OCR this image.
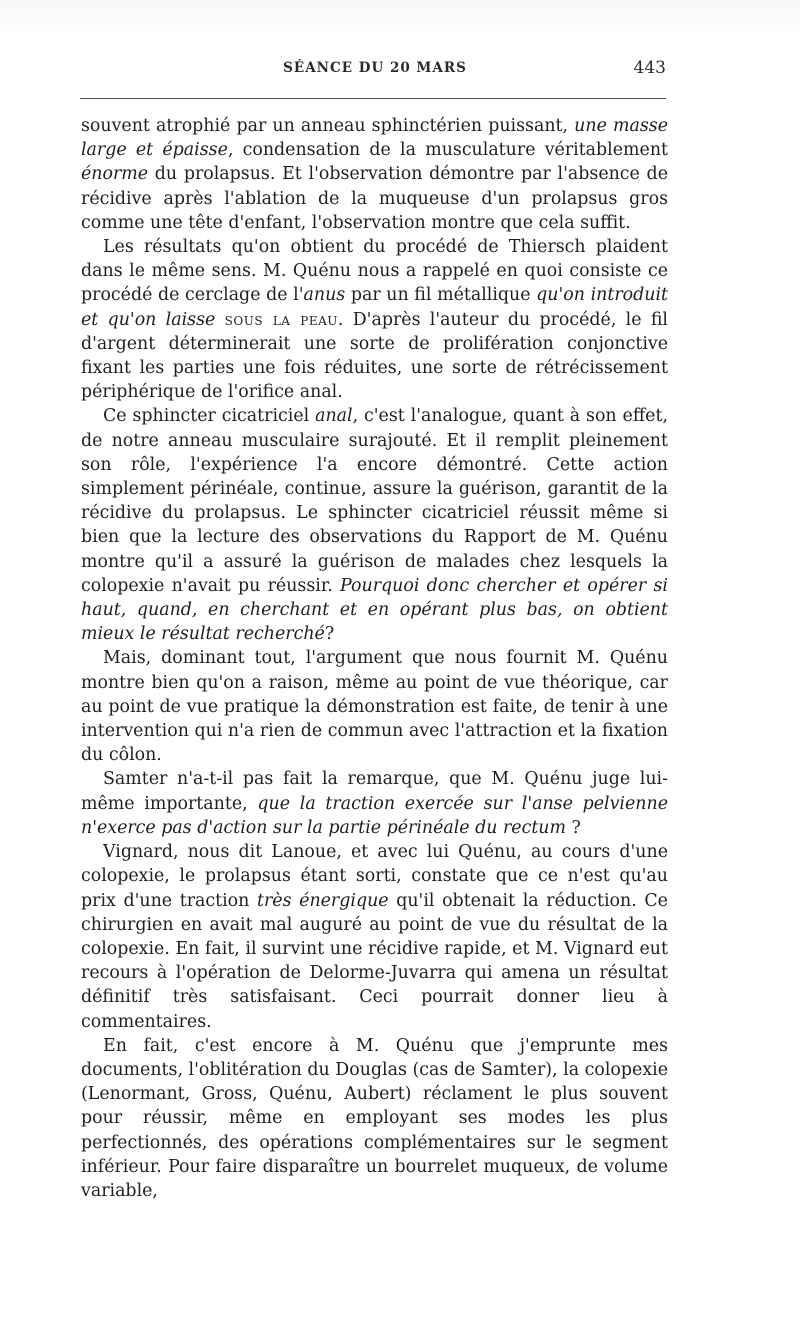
SÉANCE DU 20 MARS	443

souvent atrophié par un anneau sphinctérien puissant, une masse large et épaisse, condensation de la musculature véritablement énorme du prolapsus. Et l'observation démontre par l'absence de récidive après l'ablation de la muqueuse d'un prolapsus gros comme une tête d'enfant, l'observation montre que cela suffit.

Les résultats qu'on obtient du procédé de Thiersch plaident dans le même sens. M. Quénu nous a rappelé en quoi consiste ce procédé de cerclage de l'anus par un fil métallique qu'on introduit et qu'on laisse sous la peau. D'après l'auteur du procédé, le fil d'argent déterminerait une sorte de prolifération conjonctive fixant les parties une fois réduites, une sorte de rétrécissement périphérique de l'orifice anal.

Ce sphincter cicatriciel anal, c'est l'analogue, quant à son effet, de notre anneau musculaire surajouté. Et il remplit pleinement son rôle, l'expérience l'a encore démontré. Cette action simplement périnéale, continue, assure la guérison, garantit de la récidive du prolapsus. Le sphincter cicatriciel réussit même si bien que la lecture des observations du Rapport de M. Quénu montre qu'il a assuré la guérison de malades chez lesquels la colopexie n'avait pu réussir. Pourquoi donc chercher et opérer si haut, quand, en cherchant et en opérant plus bas, on obtient mieux le résultat recherché?

Mais, dominant tout, l'argument que nous fournit M. Quénu montre bien qu'on a raison, même au point de vue théorique, car au point de vue pratique la démonstration est faite, de tenir à une intervention qui n'a rien de commun avec l'attraction et la fixation du côlon.

Samter n'a-t-il pas fait la remarque, que M. Quénu juge lui-même importante, que la traction exercée sur l'anse pelvienne n'exerce pas d'action sur la partie périnéale du rectum ?

Vignard, nous dit Lanoue, et avec lui Quénu, au cours d'une colopexie, le prolapsus étant sorti, constate que ce n'est qu'au prix d'une traction très énergique qu'il obtenait la réduction. Ce chirurgien en avait mal auguré au point de vue du résultat de la colopexie. En fait, il survint une récidive rapide, et M. Vignard eut recours à l'opération de Delorme-Juvarra qui amena un résultat définitif très satisfaisant. Ceci pourrait donner lieu à commentaires.

En fait, c'est encore à M. Quénu que j'emprunte mes documents, l'oblitération du Douglas (cas de Samter), la colopexie (Lenormant, Gross, Quénu, Aubert) réclament le plus souvent pour réussir, même en employant ses modes les plus perfectionnés, des opérations complémentaires sur le segment inférieur. Pour faire disparaître un bourrelet muqueux, de volume variable,
